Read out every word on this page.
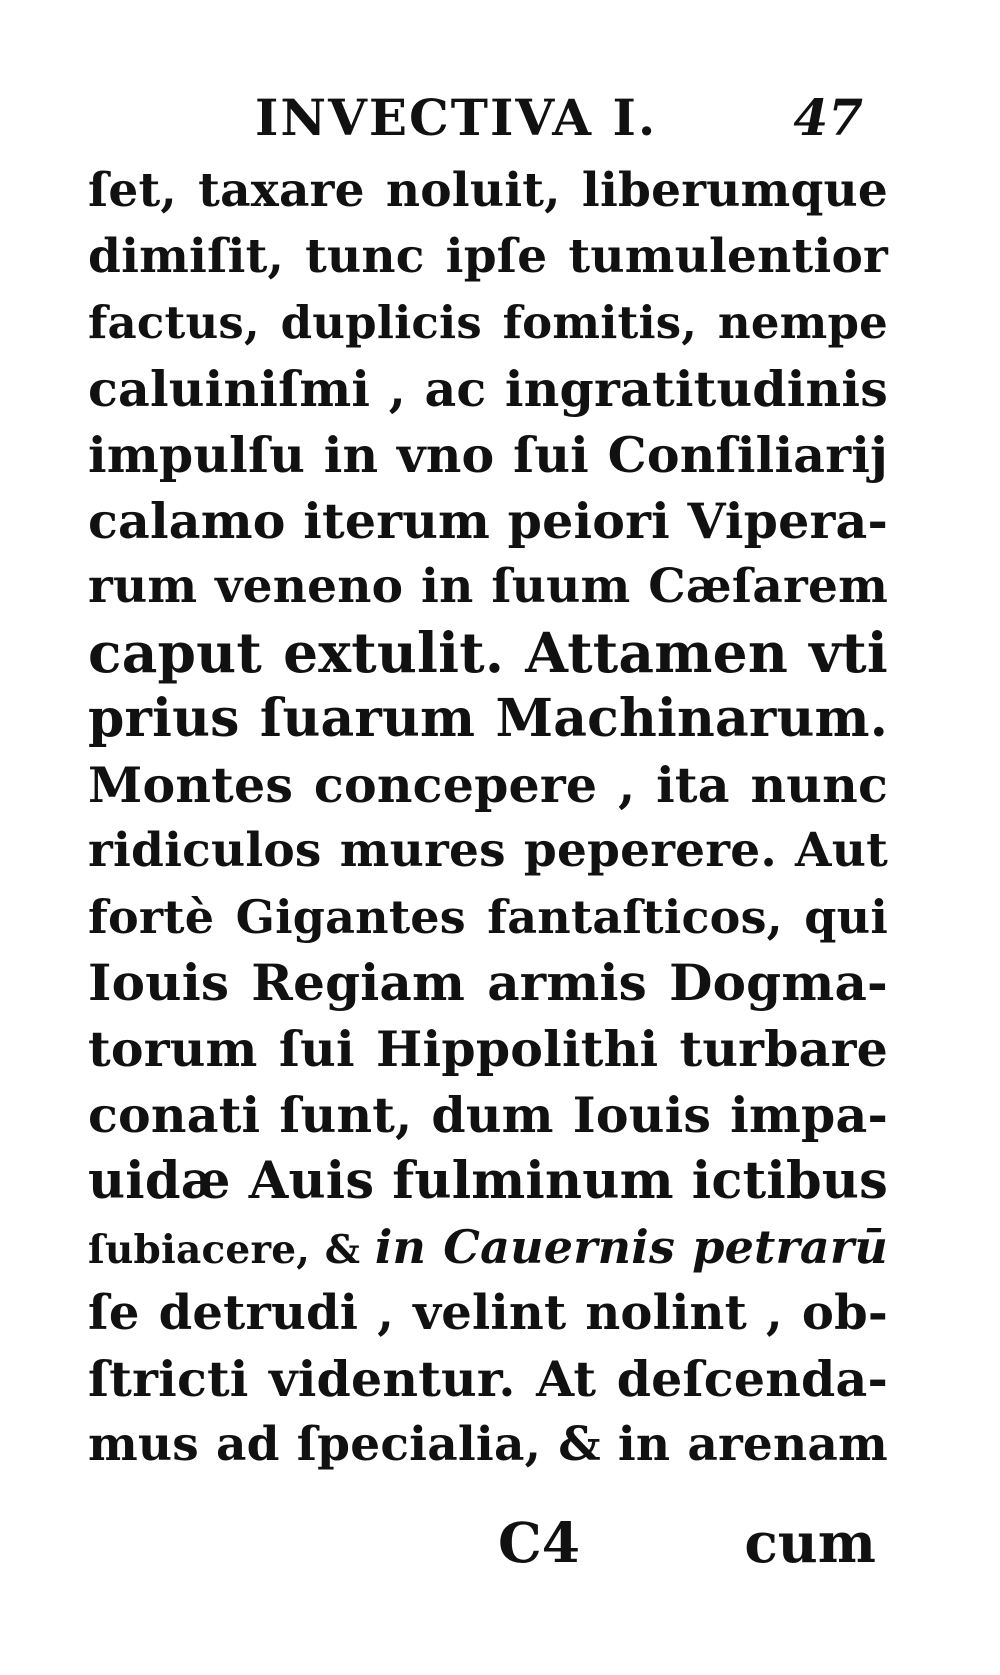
INVECTIVA I.	47
ſet, taxare noluit, liberumque
dimiſit, tunc ipſe tumulentior
factus, duplicis fomitis, nempe
caluiniſmi , ac ingratitudinis
impulſu in vno ſui Conſiliarij
calamo iterum peiori Vipera-
rum veneno in ſuum Cæſarem
caput extulit. Attamen vti
prius ſuarum Machinarum.
Montes concepere , ita nunc
ridiculos mures peperere. Aut
fortè Gigantes fantaſticos, qui
Iouis Regiam armis Dogma-
torum ſui Hippolithi turbare
conati ſunt, dum Iouis impa-
uidæ Auis fulminum ictibus
ſubiacere, & in Cauernis petrarū
ſe detrudi , velint nolint , ob-
ſtricti videntur. At deſcenda-
mus ad ſpecialia, & in arenam
C4	cum
